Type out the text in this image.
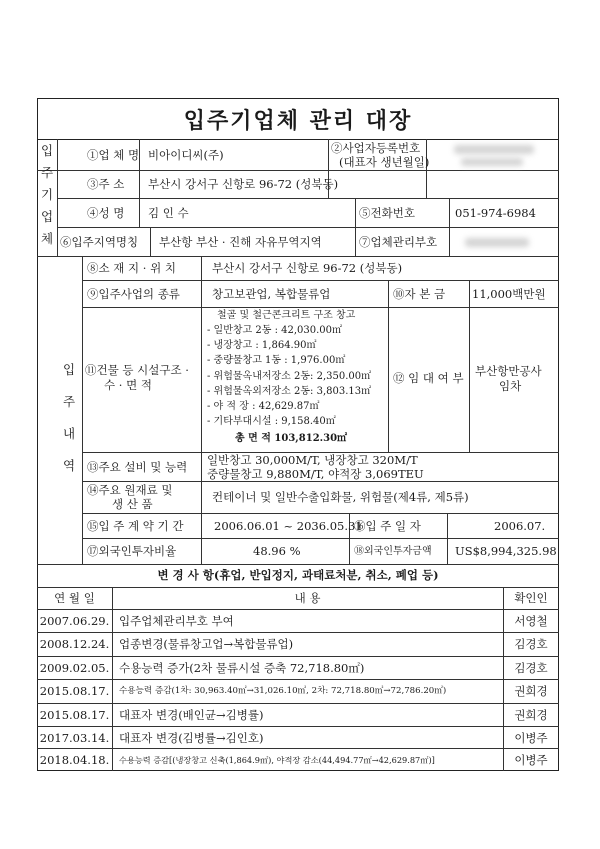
입주기업체 관리 대장
입주기업체
입주내역
①업 체 명 비아이디씨(주)	②사업자등록번호
(대표자 생년월일)
③주 소 부산시 강서구 신항로 96-72 (성북동)
④성 명 김 인 수	⑤전화번호	051-974-6984
⑥입주지역명칭 부산항 부산 · 진해 자유무역지역	⑦업체관리부호
⑧소 재 지 · 위 치	부산시 강서구 신항로 96-72 (성북동)
⑨입주사업의 종류	창고보관업, 복합물류업	⑩자 본 금 11,000백만원
⑪건물 등 시설구조 ·
수 · 면 적
철골 및 철근콘크리트 구조 창고
- 일반창고 2동 : 42,030.00㎡
- 냉장창고 : 1,864.90㎡
- 중량물창고 1동 : 1,976.00㎡
- 위험물옥내저장소 2동: 2,350.00㎡
- 위험물옥외저장소 2동: 3,803.13㎡
- 야 적 장 : 42,629.87㎡
- 기타부대시설 : 9,158.40㎡
총 면 적 103,812.30㎡
⑫ 임 대 여 부 부산항만공사
임차
⑬주요 설비 및 능력 일반창고 30,000M/T, 냉장창고 320M/T
중량물창고 9,880M/T, 야적장 3,069TEU
⑭주요 원재료 및
생 산 품	컨테이너 및 일반수출입화물, 위험물(제4류, 제5류)
⑮입 주 계 약 기 간	2006.06.01 ~ 2036.05.31
⑯입 주 일 자	2006.07.
⑰외국인투자비율	48.96 %	⑱외국인투자금액 US$8,994,325.98
변 경 사 항(휴업, 반입정지, 과태료처분, 취소, 폐업 등)
연 월 일	내 용	확인인
2007.06.29. 입주업체관리부호 부여	서영철
2008.12.24. 업종변경(물류창고업→복합물류업)	김경호
2009.02.05. 수용능력 증가(2차 물류시설 증축 72,718.80㎡)	김경호
2015.08.17.	수용능력 증감(1차: 30,963.40㎡→31,026.10㎡, 2차: 72,718.80㎡→72,786.20㎡)	권희경
2015.08.17. 대표자 변경(배인균→김병률)	권희경
2017.03.14. 대표자 변경(김병률→김인호)	이병주
2018.04.18.	수용능력 증감[(냉장창고 신축(1,864.9㎡), 야적장 감소(44,494.77㎡→42,629.87㎡)]	이병주
